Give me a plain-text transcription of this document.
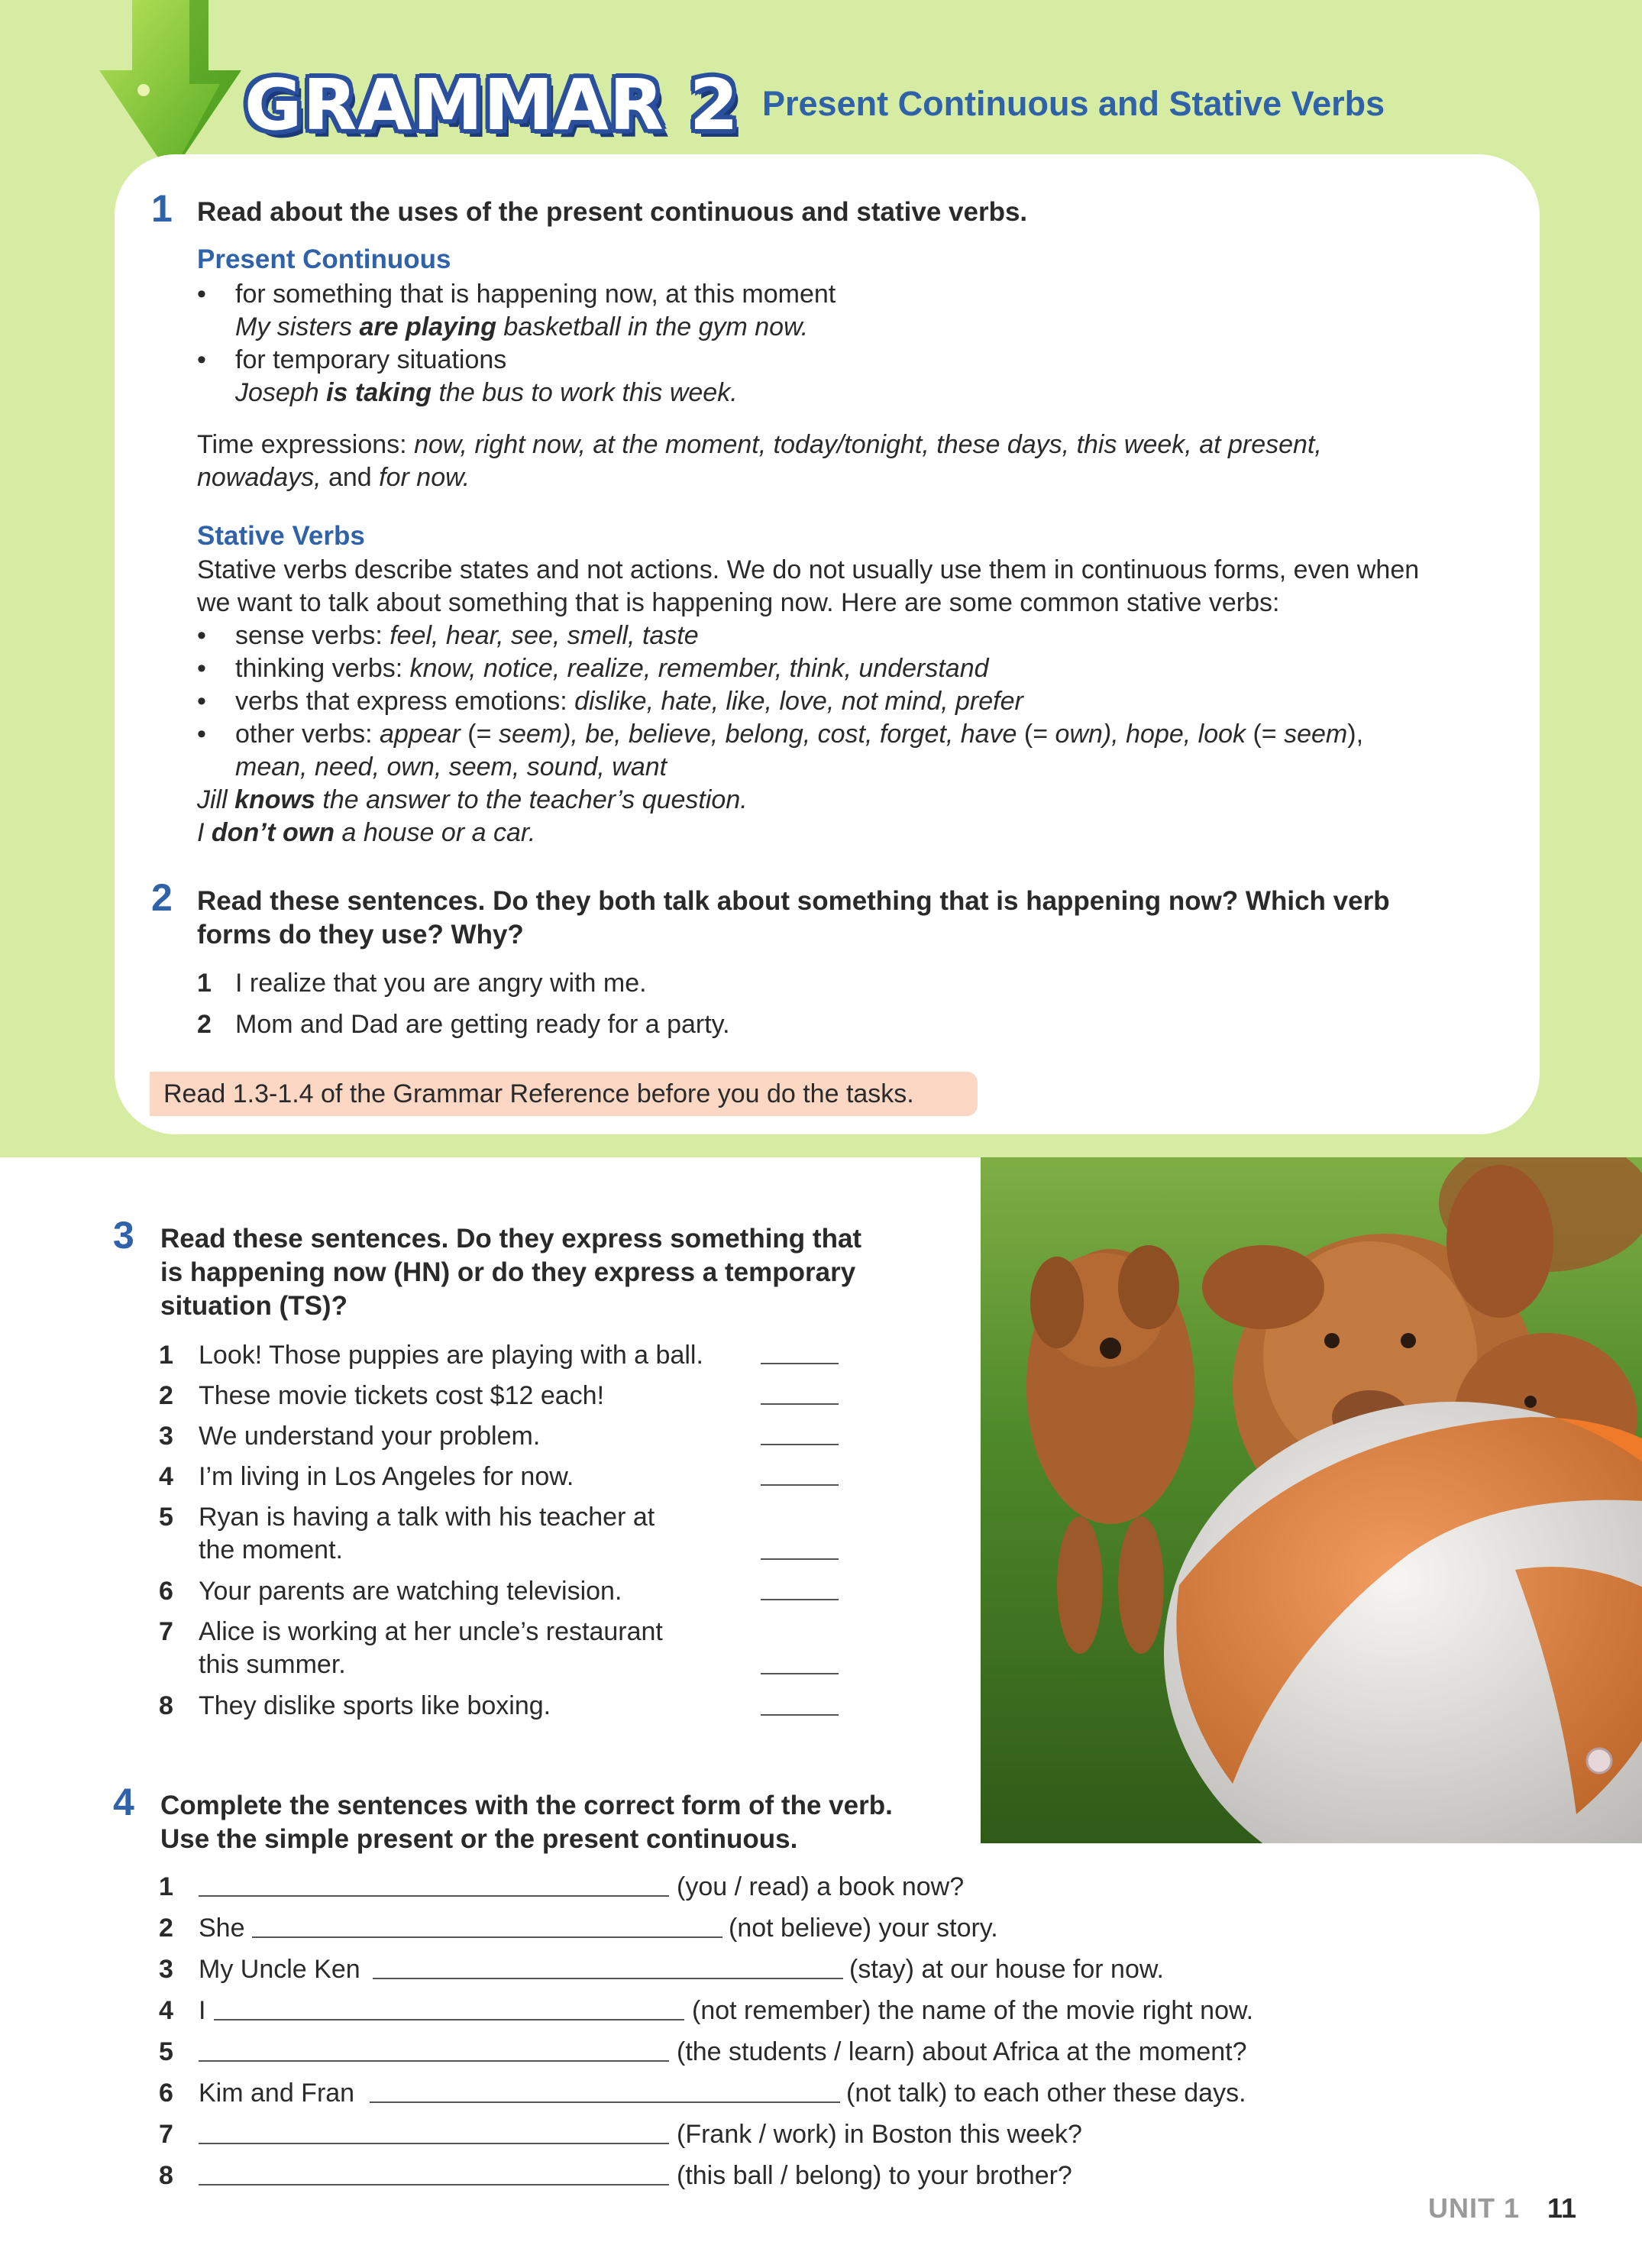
GRAMMAR 2 Present Continuous and Stative Verbs
1 Read about the uses of the present continuous and stative verbs.
Present Continuous
• for something that is happening now, at this moment
My sisters are playing basketball in the gym now.
• for temporary situations
Joseph is taking the bus to work this week.
Time expressions: now, right now, at the moment, today/tonight, these days, this week, at present,
nowadays, and for now.
Stative Verbs
Stative verbs describe states and not actions. We do not usually use them in continuous forms, even when
we want to talk about something that is happening now. Here are some common stative verbs:
• sense verbs: feel, hear, see, smell, taste
• thinking verbs: know, notice, realize, remember, think, understand
• verbs that express emotions: dislike, hate, like, love, not mind, prefer
• other verbs: appear (= seem), be, believe, belong, cost, forget, have (= own), hope, look (= seem),
mean, need, own, seem, sound, want
Jill knows the answer to the teacher’s question.
I don’t own a house or a car.
2 Read these sentences. Do they both talk about something that is happening now? Which verb
forms do they use? Why?
1 I realize that you are angry with me.
2 Mom and Dad are getting ready for a party.
Read 1.3-1.4 of the Grammar Reference before you do the tasks.
3 Read these sentences. Do they express something that
is happening now (HN) or do they express a temporary
situation (TS)?
1 Look! Those puppies are playing with a ball.
2 These movie tickets cost $12 each!
3 We understand your problem.
4 I’m living in Los Angeles for now.
5 Ryan is having a talk with his teacher at
the moment.
6 Your parents are watching television.
7 Alice is working at her uncle’s restaurant
this summer.
8 They dislike sports like boxing.
4 Complete the sentences with the correct form of the verb.
Use the simple present or the present continuous.
1	(you / read) a book now?
2 She	(not believe) your story.
3 My Uncle Ken	(stay) at our house for now.
4 I	(not remember) the name of the movie right now.
5	(the students / learn) about Africa at the moment?
6 Kim and Fran	(not talk) to each other these days.
7	(Frank / work) in Boston this week?
8	(this ball / belong) to your brother?
UNIT 1 11
